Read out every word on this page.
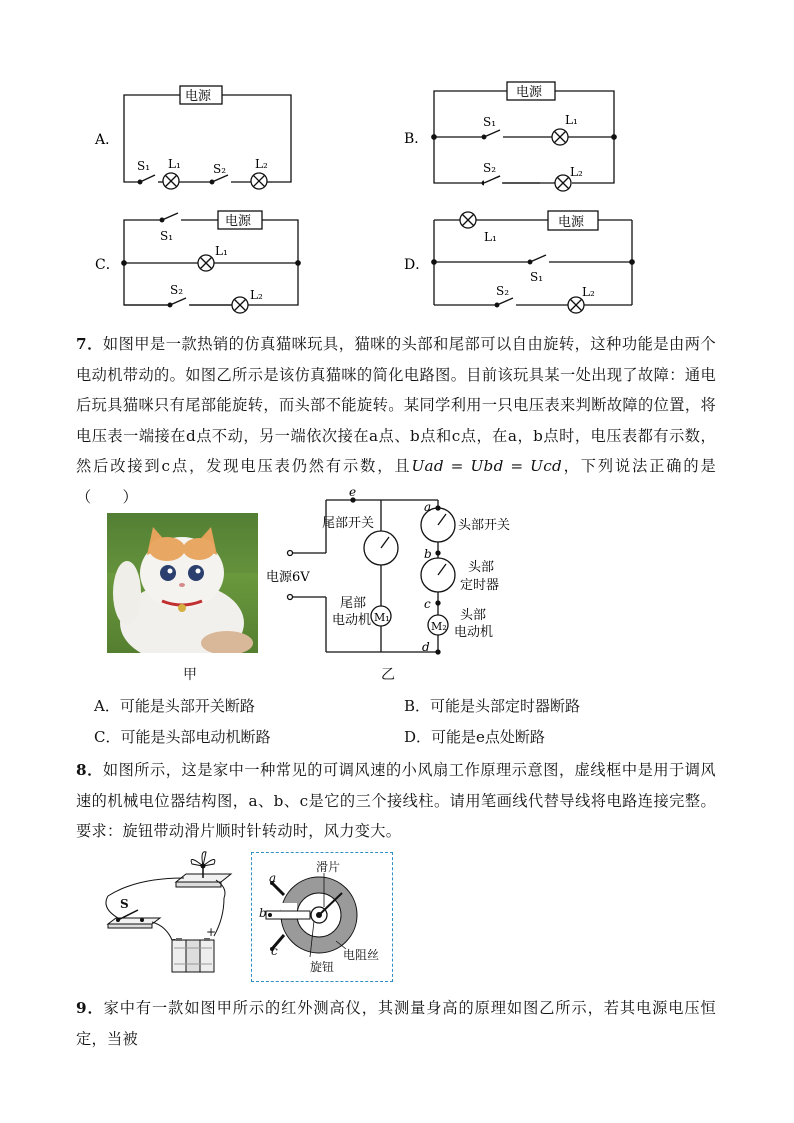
A．
电源
S₁ L₁	S₂ L₂
B．
电源
S₁	L₁
S₂	L₂
C．
电源
S₁
L₁
S₂	L₂
D．
电源
L₁
S₁
S₂	L₂
7．如图甲是一款热销的仿真猫咪玩具，猫咪的头部和尾部可以自由旋转，这种功能是由两个电动机带动的。如图乙所示是该仿真猫咪的简化电路图。目前该玩具某一处出现了故障：通电后玩具猫咪只有尾部能旋转，而头部不能旋转。某同学利用一只电压表来判断故障的位置，将电压表一端接在d点不动，另一端依次接在a点、b点和c点，在a，b点时，电压表都有示数，然后改接到c点，发现电压表仍然有示数，且Uad = Ubd = Ucd，下列说法正确的是（　　）
甲
e
a
b
c
d
尾部开关	头部开关
电源6V
尾部
电动机 M₁
头部
定时器
头部
电动机
M₂
乙
A．可能是头部开关断路	B．可能是头部定时器断路
C．可能是头部电动机断路	D．可能是e点处断路
8．如图所示，这是家中一种常见的可调风速的小风扇工作原理示意图，虚线框中是用于调风速的机械电位器结构图，a、b、c是它的三个接线柱。请用笔画线代替导线将电路连接完整。要求：旋钮带动滑片顺时针转动时，风力变大。
S
- +
滑片
旋钮
电阻丝
a
b
c
9．家中有一款如图甲所示的红外测高仪，其测量身高的原理如图乙所示，若其电源电压恒定，当被
